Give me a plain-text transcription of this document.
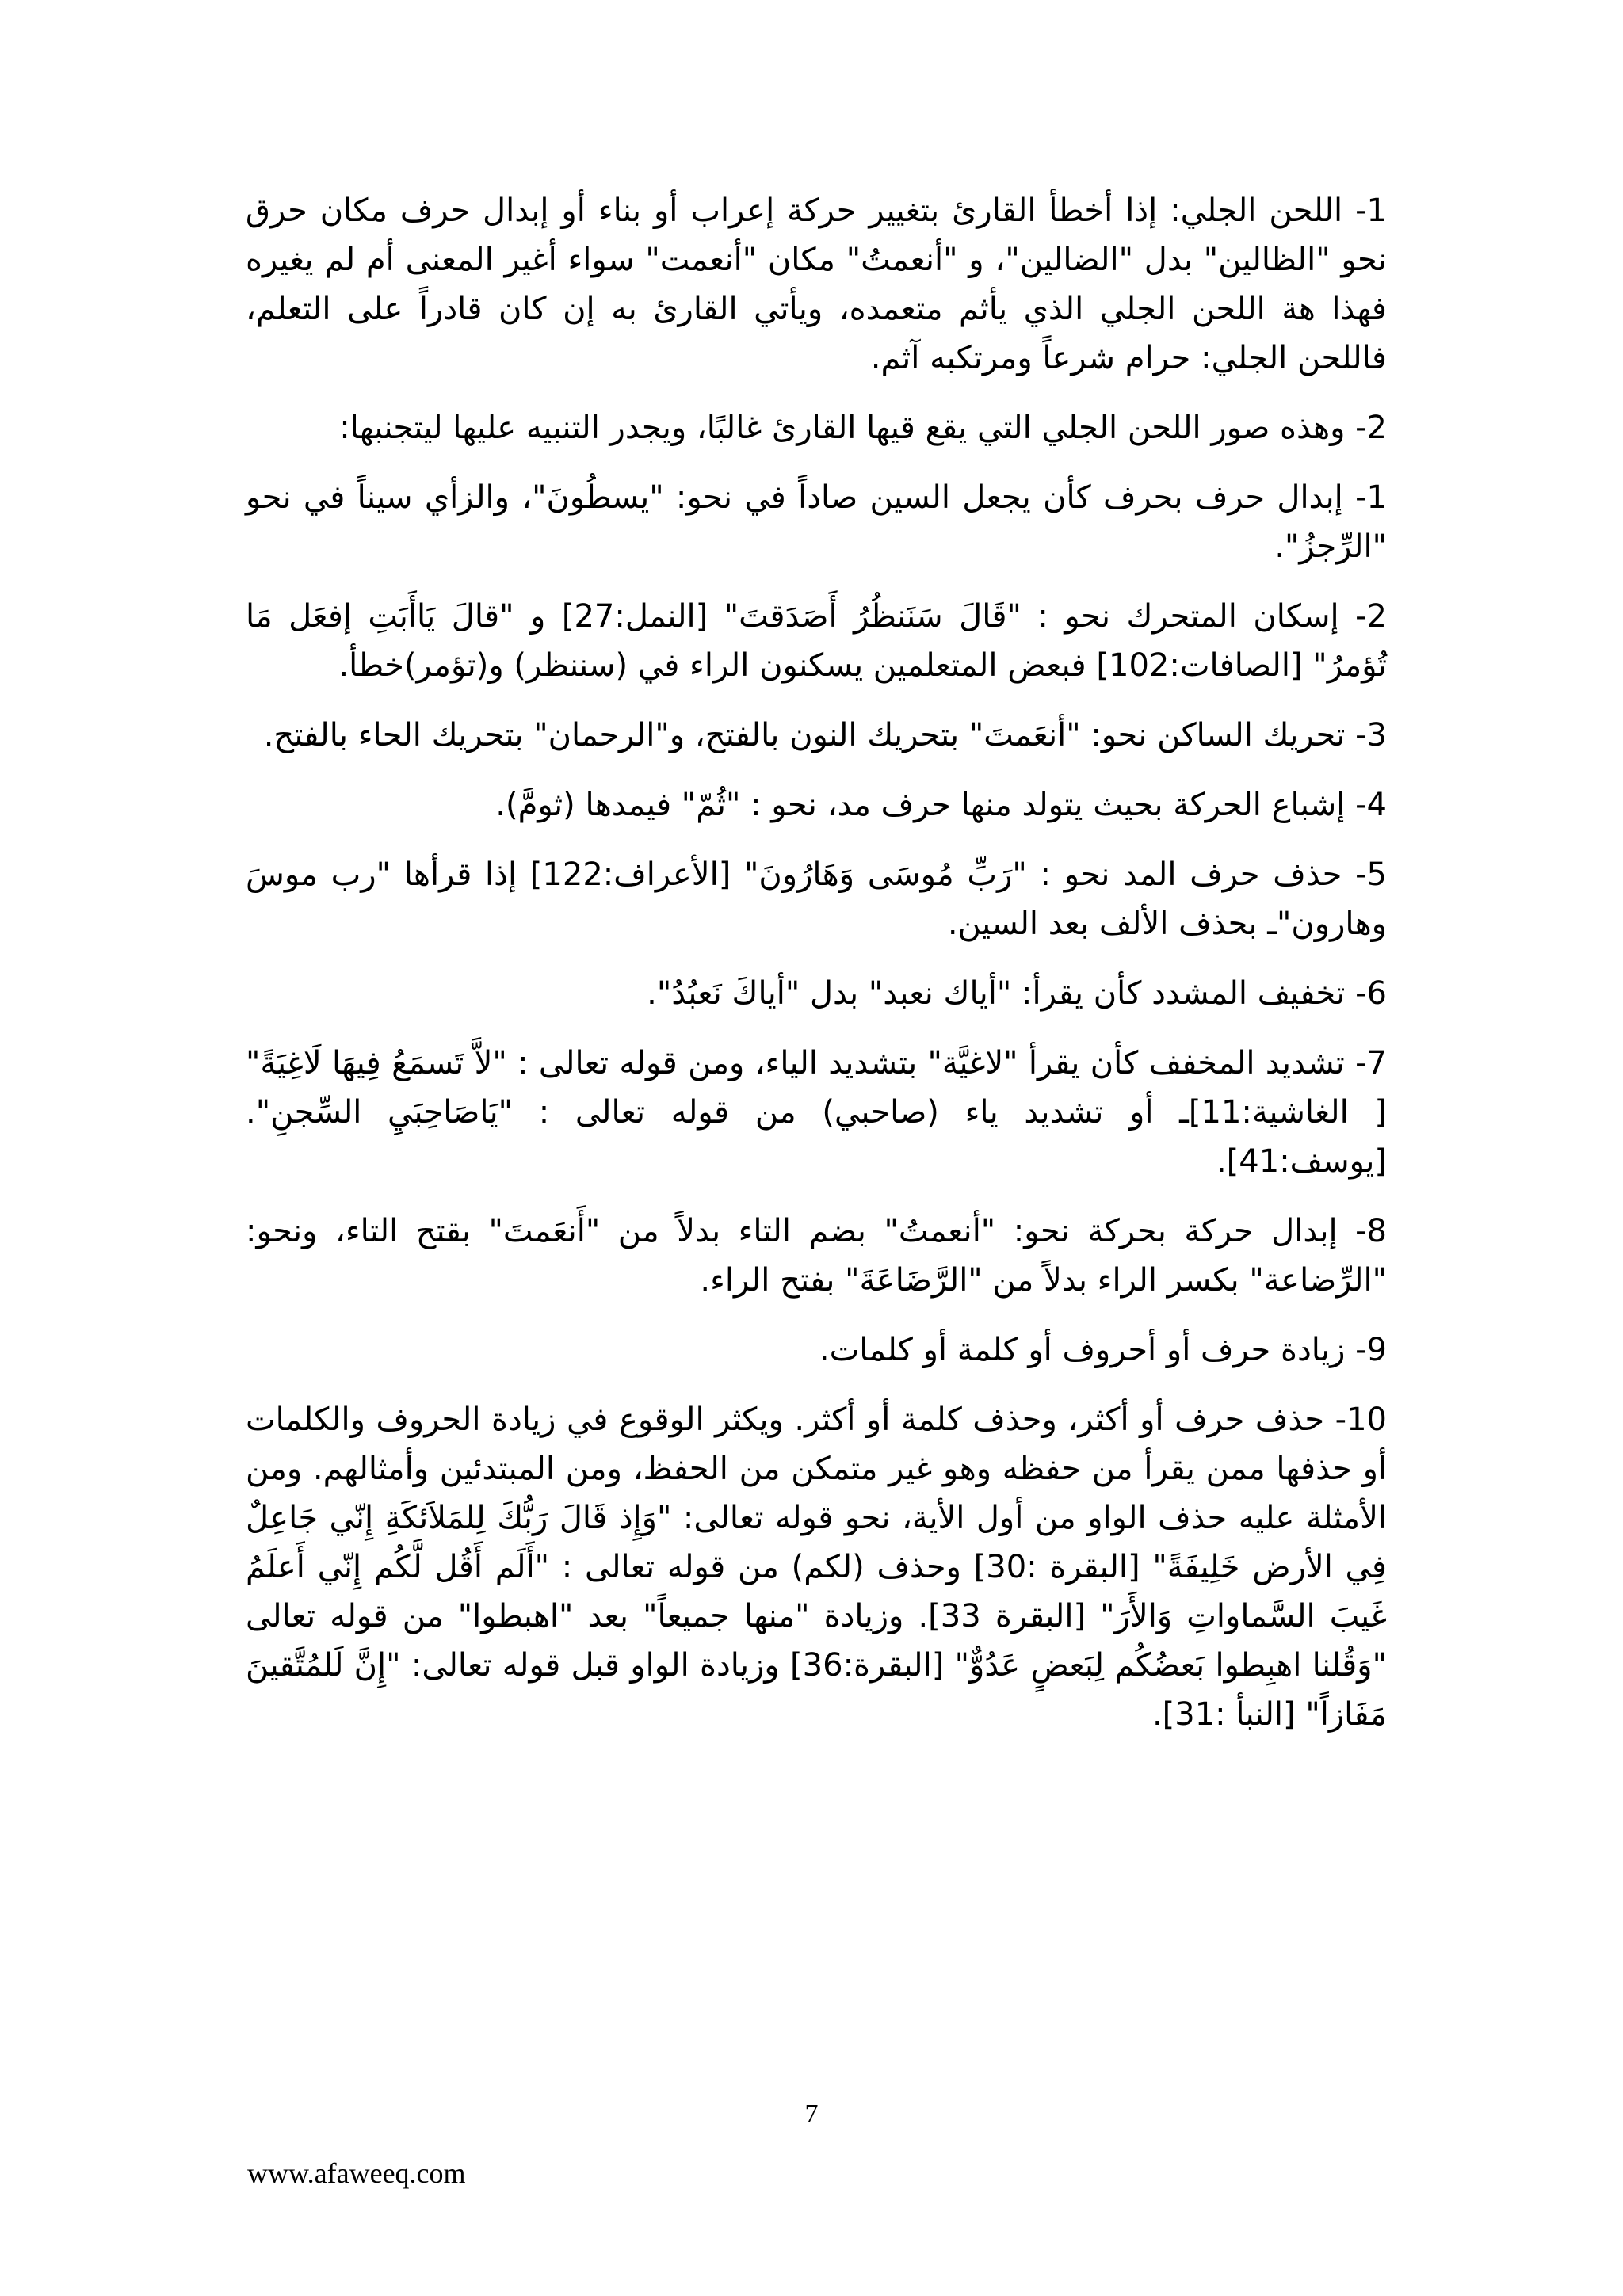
1- اللحن الجلي: إذا أخطأ القارئ بتغيير حركة إعراب أو بناء أو إبدال حرف مكان حرق نحو "الظالين" بدل "الضالين"، و "أنعمتُ" مكان "أنعمت" سواء أغير المعنى أم لم يغيره فهذا هة اللحن الجلي الذي يأثم متعمده، ويأتي القارئ به إن كان قادراً على التعلم، فاللحن الجلي: حرام شرعاً ومرتكبه آثم.

2- وهذه صور اللحن الجلي التي يقع قيها القارئ غالبًا، ويجدر التنبيه عليها ليتجنبها:

1- إبدال حرف بحرف كأن يجعل السين صاداً في نحو: "يسطُونَ"، والزأي سيناً في نحو "الرِّجزُ".

2- إسكان المتحرك نحو : "قَالَ سَنَنظُرُ أَصَدَقتَ" [النمل:27] و "قالَ يَاأَبَتِ إفعَل مَا تُؤمرُ" [الصافات:102] فبعض المتعلمين يسكنون الراء في (سننظر) و(تؤمر)خطأ.

3- تحريك الساكن نحو: "أنعَمتَ" بتحريك النون بالفتح، و"الرحمان" بتحريك الحاء بالفتح.

4- إشباع الحركة بحيث يتولد منها حرف مد، نحو : "ثُمّ" فيمدها (ثومَّ).

5- حذف حرف المد نحو : "رَبِّ مُوسَى وَهَارُونَ" [الأعراف:122] إذا قرأها "رب موسَ وهارون"ـ بحذف الألف بعد السين.

6- تخفيف المشدد كأن يقرأ: "أياك نعبد" بدل "أياكَ نَعبُدُ".

7- تشديد المخفف كأن يقرأ "لاغيَّة" بتشديد الياء، ومن قوله تعالى : "لاَّ تَسمَعُ فِيهَا لَاغِيَةً"[ الغاشية:11]ـ أو تشديد ياء (صاحبي) من قوله تعالى : "يَاصَاحِبَيِ السِّجنِ". [يوسف:41].

8- إبدال حركة بحركة نحو: "أنعمتُ" بضم التاء بدلاً من "أَنعَمتَ" بقتح التاء، ونحو: "الرِّضاعة" بكسر الراء بدلاً من "الرَّضَاعَةَ" بفتح الراء.

9- زيادة حرف أو أحروف أو كلمة أو كلمات.

10- حذف حرف أو أكثر، وحذف كلمة أو أكثر. ويكثر الوقوع في زيادة الحروف والكلمات أو حذفها ممن يقرأ من حفظه وهو غير متمكن من الحفظ، ومن المبتدئين وأمثالهم. ومن الأمثلة عليه حذف الواو من أول الأية، نحو قوله تعالى: "وَإِذ قَالَ رَبُّكَ لِلمَلاَئكَةِ إِنّي جَاعِلٌ فِي الأرض خَلِيفَةً" [البقرة :30] وحذف (لكم) من قوله تعالى : "أَلَم أَقُل لَّكُم إِنّي أَعلَمُ غَيبَ السَّماواتِ وَالأَرَ" [البقرة 33]. وزيادة "منها جميعاً" بعد "اهبطوا" من قوله تعالى "وَقُلنا اهبِطوا بَعضُكُم لِبَعضٍ عَدُوٌّ" [البقرة:36] وزيادة الواو قبل قوله تعالى: "إِنَّ لَلمُتَّقينَ مَفَازاً" [النبأ :31].

7
www.afaweeq.com
